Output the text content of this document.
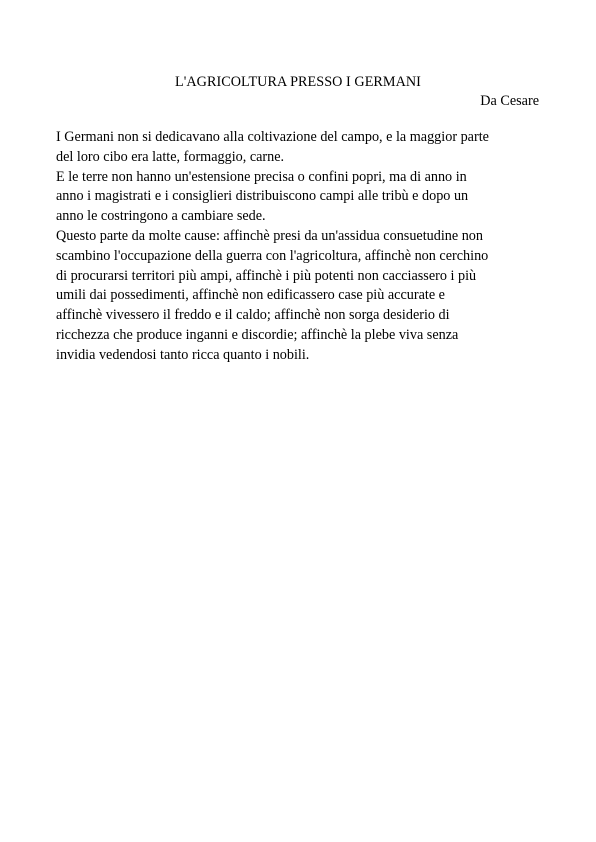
L'AGRICOLTURA PRESSO I GERMANI
Da Cesare
I Germani non si dedicavano alla coltivazione del campo, e la maggior parte
del loro cibo era latte, formaggio, carne.
E le terre non hanno un'estensione precisa o confini popri, ma di anno in
anno i magistrati e i consiglieri distribuiscono campi alle tribù e dopo un
anno le costringono a cambiare sede.
Questo parte da molte cause: affinchè presi da un'assidua consuetudine non
scambino l'occupazione della guerra con l'agricoltura, affinchè non cerchino
di procurarsi territori più ampi, affinchè i più potenti non cacciassero i più
umili dai possedimenti, affinchè non edificassero case più accurate e
affinchè vivessero il freddo e il caldo; affinchè non sorga desiderio di
ricchezza che produce inganni e discordie; affinchè la plebe viva senza
invidia vedendosi tanto ricca quanto i nobili.
